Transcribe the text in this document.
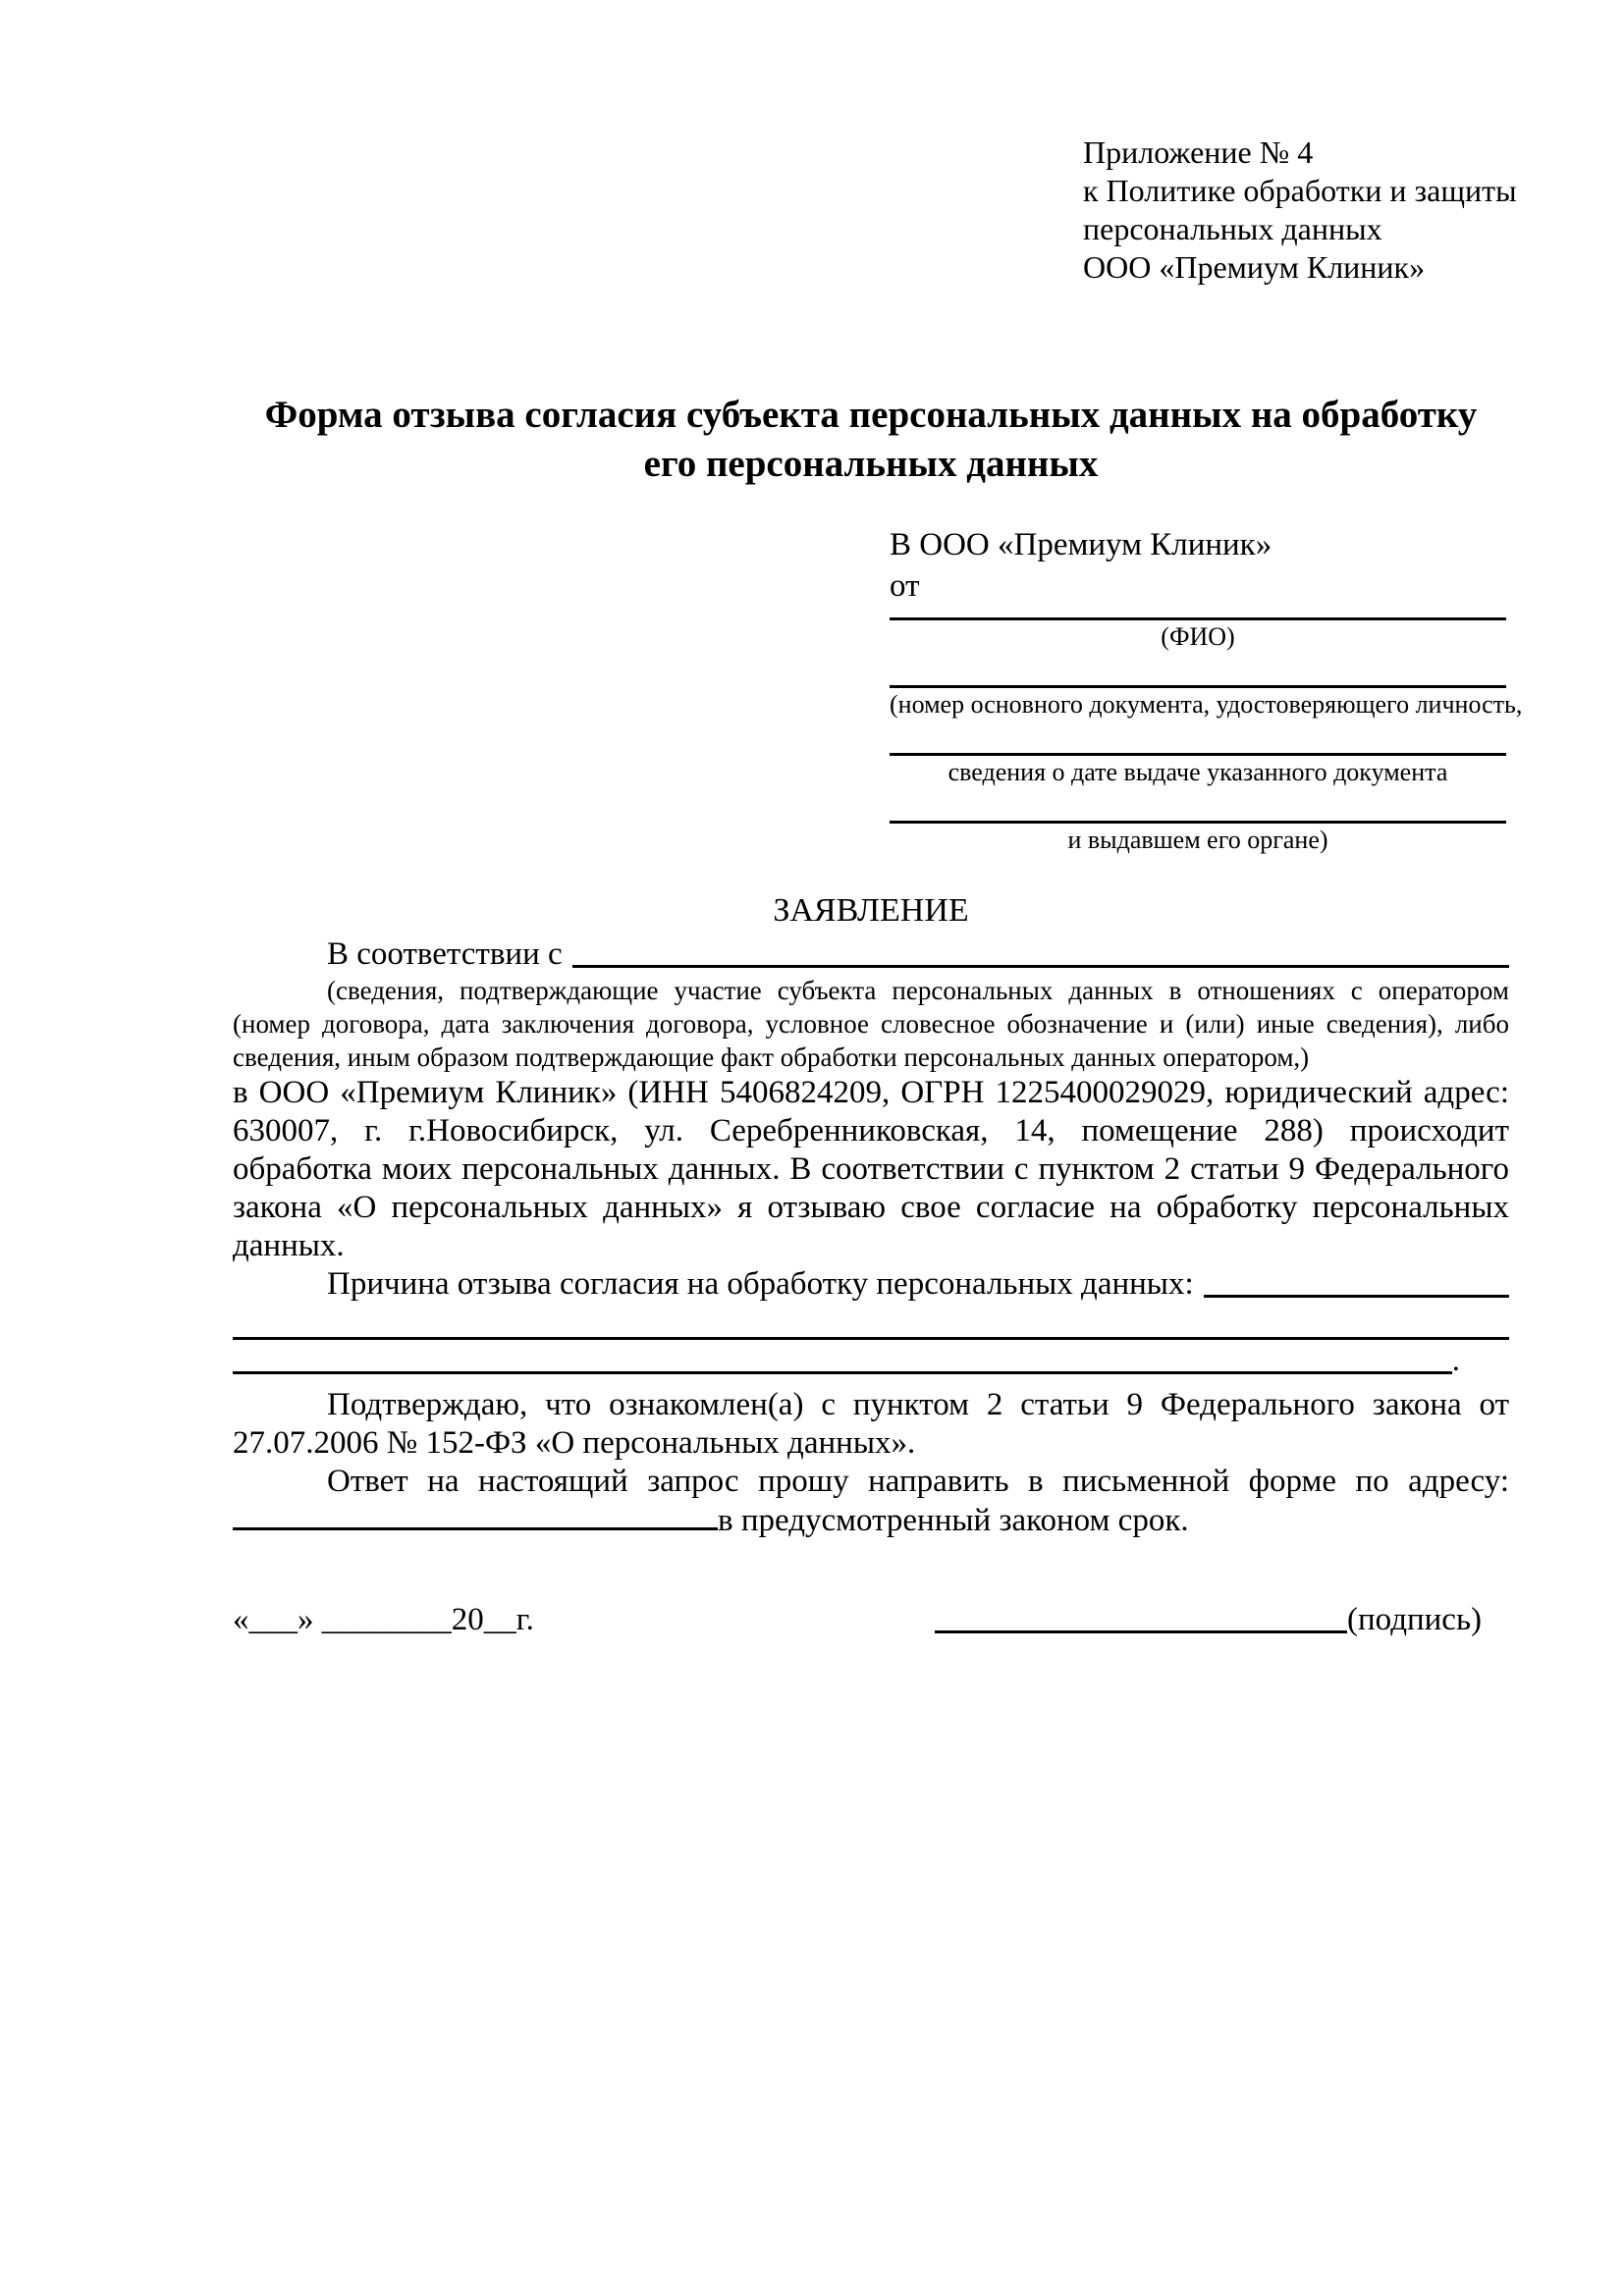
Приложение № 4
к Политике обработки и защиты
персональных данных
ООО «Премиум Клиник»
Форма отзыва согласия субъекта персональных данных на обработку его персональных данных
В ООО «Премиум Клиник»
от
(ФИО)
(номер основного документа, удостоверяющего личность,
сведения о дате выдаче указанного документа
и выдавшем его органе)
ЗАЯВЛЕНИЕ
В соответствии с

(сведения, подтверждающие участие субъекта персональных данных в отношениях с оператором (номер договора, дата заключения договора, условное словесное обозначение и (или) иные сведения), либо сведения, иным образом подтверждающие факт обработки персональных данных оператором,)

в ООО «Премиум Клиник» (ИНН 5406824209, ОГРН 1225400029029, юридический адрес: 630007, г. г.Новосибирск, ул. Серебренниковская, 14, помещение 288) происходит обработка моих персональных данных. В соответствии с пунктом 2 статьи 9 Федерального закона «О персональных данных» я отзываю свое согласие на обработку персональных данных.

Причина отзыва согласия на обработку персональных данных:
.

Подтверждаю, что ознакомлен(а) с пунктом 2 статьи 9 Федерального закона от 27.07.2006 № 152-ФЗ «О персональных данных».

Ответ на настоящий запрос прошу направить в письменной форме по адресу: в предусмотренный законом срок.

«___» ________20__г.	(подпись)
